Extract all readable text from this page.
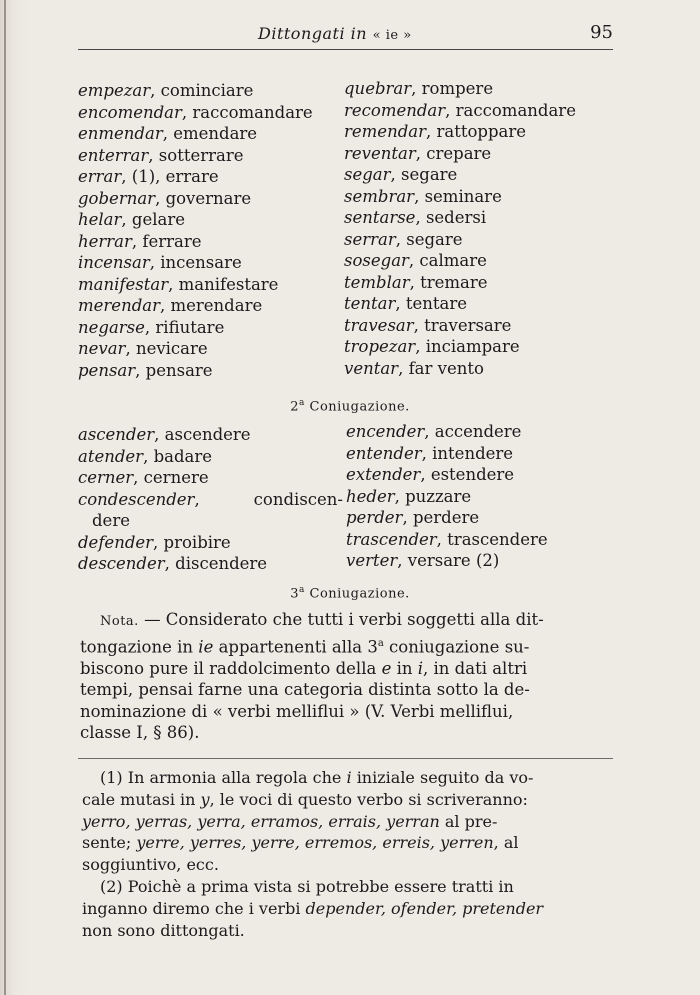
Dittongati in « ie »	95
empezar, cominciare
encomendar, raccomandare
enmendar, emendare
enterrar, sotterrare
errar, (1), errare
gobernar, governare
helar, gelare
herrar, ferrare
incensar, incensare
manifestar, manifestare
merendar, merendare
negarse, rifiutare
nevar, nevicare
pensar, pensare
quebrar, rompere
recomendar, raccomandare
remendar, rattoppare
reventar, crepare
segar, segare
sembrar, seminare
sentarse, sedersi
serrar, segare
sosegar, calmare
temblar, tremare
tentar, tentare
travesar, traversare
tropezar, inciampare
ventar, far vento
2$^a$ Coniugazione.
ascender, ascendere
atender, badare
cerner, cernere
condescender,	condiscen-
dere
defender, proibire
descender, discendere
encender, accendere
entender, intendere
extender, estendere
heder, puzzare
perder, perdere
trascender, trascendere
verter, versare (2)
3$^a$ Coniugazione.
Nota. — Considerato che tutti i verbi soggetti alla dit-
tongazione in ie appartenenti alla 3$^a$ coniugazione su-
biscono pure il raddolcimento della e in i, in dati altri
tempi, pensai farne una categoria distinta sotto la de-
nominazione di « verbi melliflui » (V. Verbi melliflui,
classe I, § 86).
(1) In armonia alla regola che i iniziale seguito da vo-
cale mutasi in y, le voci di questo verbo si scriveranno:
yerro, yerras, yerra, erramos, errais, yerran al pre-
sente; yerre, yerres, yerre, erremos, erreis, yerren, al
soggiuntivo, ecc.
(2) Poichè a prima vista si potrebbe essere tratti in
inganno diremo che i verbi depender, ofender, pretender
non sono dittongati.
